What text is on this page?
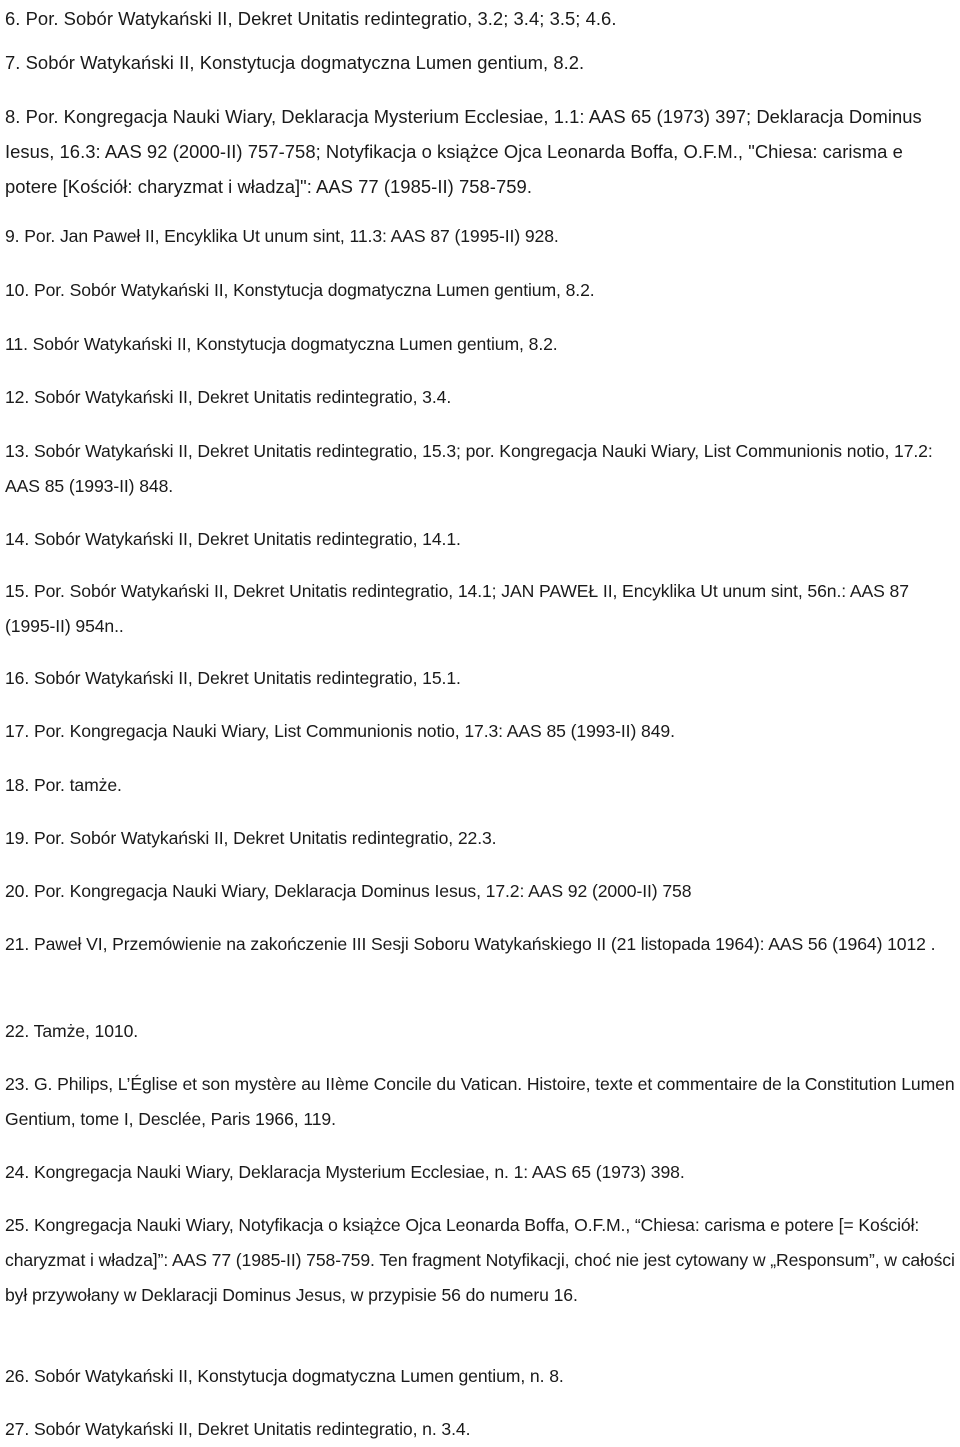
6. Por. Sobór Watykański II, Dekret Unitatis redintegratio, 3.2; 3.4; 3.5; 4.6.
7. Sobór Watykański II, Konstytucja dogmatyczna Lumen gentium, 8.2.
8. Por. Kongregacja Nauki Wiary, Deklaracja Mysterium Ecclesiae, 1.1: AAS 65 (1973) 397; Deklaracja Dominus Iesus, 16.3: AAS 92 (2000-II) 757-758; Notyfikacja o książce Ojca Leonarda Boffa, O.F.M., "Chiesa: carisma e potere [Kościół: charyzmat i władza]": AAS 77 (1985-II) 758-759.
9. Por. Jan Paweł II, Encyklika Ut unum sint, 11.3: AAS 87 (1995-II) 928.
10. Por. Sobór Watykański II, Konstytucja dogmatyczna Lumen gentium, 8.2.
11. Sobór Watykański II, Konstytucja dogmatyczna Lumen gentium, 8.2.
12. Sobór Watykański II, Dekret Unitatis redintegratio, 3.4.
13. Sobór Watykański II, Dekret Unitatis redintegratio, 15.3; por. Kongregacja Nauki Wiary, List Communionis notio, 17.2: AAS 85 (1993-II) 848.
14. Sobór Watykański II, Dekret Unitatis redintegratio, 14.1.
15. Por. Sobór Watykański II, Dekret Unitatis redintegratio, 14.1; JAN PAWEŁ II, Encyklika Ut unum sint, 56n.: AAS 87 (1995-II) 954n..
16. Sobór Watykański II, Dekret Unitatis redintegratio, 15.1.
17. Por. Kongregacja Nauki Wiary, List Communionis notio, 17.3: AAS 85 (1993-II) 849.
18. Por. tamże.
19. Por. Sobór Watykański II, Dekret Unitatis redintegratio, 22.3.
20. Por. Kongregacja Nauki Wiary, Deklaracja Dominus Iesus, 17.2: AAS 92 (2000-II) 758
21. Paweł VI, Przemówienie na zakończenie III Sesji Soboru Watykańskiego II (21 listopada 1964): AAS 56 (1964) 1012 .
22. Tamże, 1010.
23. G. Philips, L’Église et son mystère au IIème Concile du Vatican. Histoire, texte et commentaire de la Constitution Lumen Gentium, tome I, Desclée, Paris 1966, 119.
24. Kongregacja Nauki Wiary, Deklaracja Mysterium Ecclesiae, n. 1: AAS 65 (1973) 398.
25. Kongregacja Nauki Wiary, Notyfikacja o książce Ojca Leonarda Boffa, O.F.M., “Chiesa: carisma e potere [= Kościół: charyzmat i władza]”: AAS 77 (1985-II) 758-759. Ten fragment Notyfikacji, choć nie jest cytowany w „Responsum”, w całości był przywołany w Deklaracji Dominus Jesus, w przypisie 56 do numeru 16.
26. Sobór Watykański II, Konstytucja dogmatyczna Lumen gentium, n. 8.
27. Sobór Watykański II, Dekret Unitatis redintegratio, n. 3.4.
